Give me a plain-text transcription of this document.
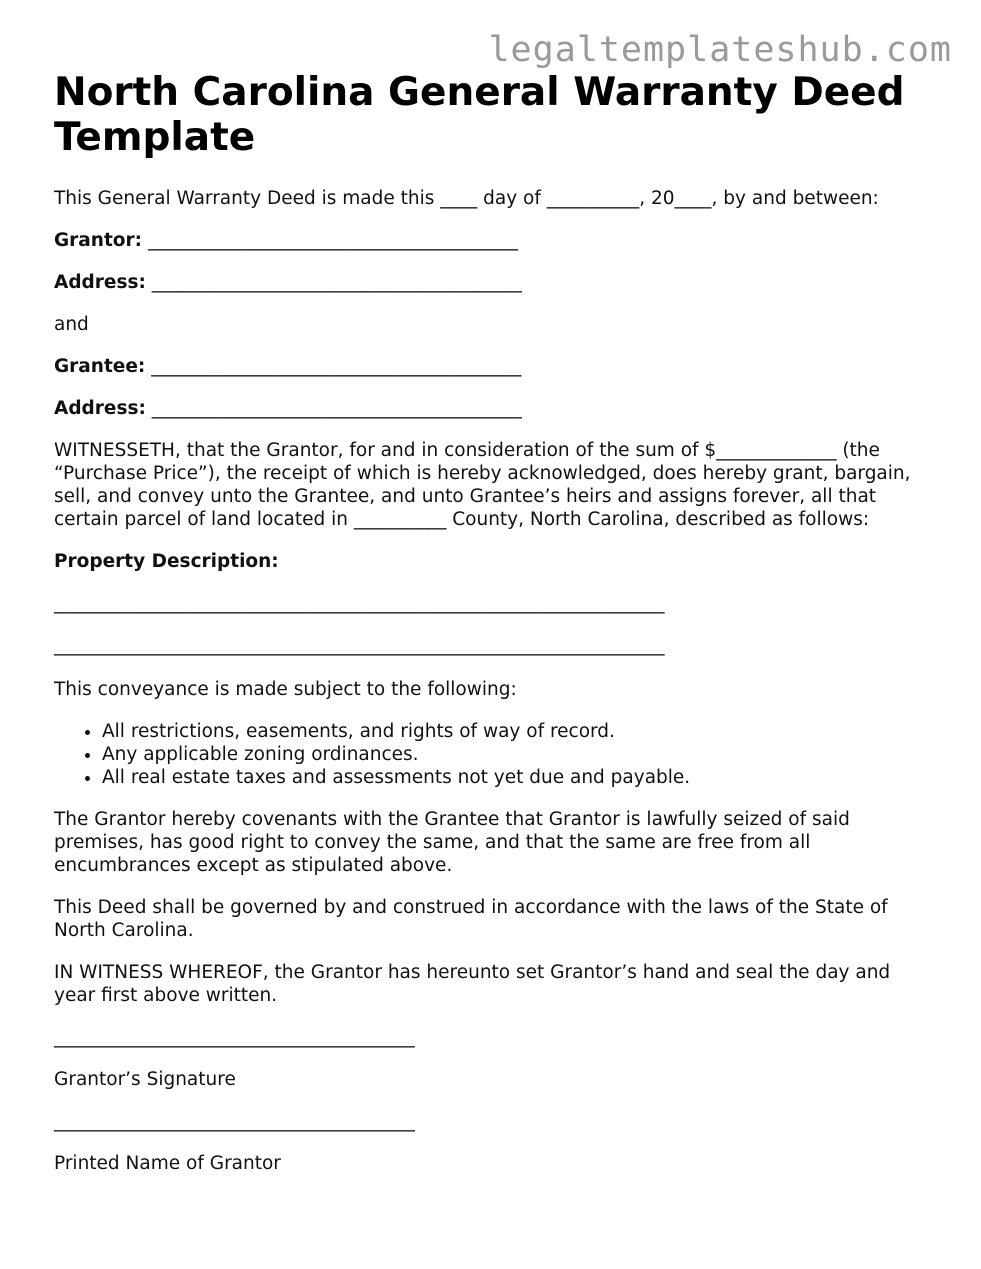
legaltemplateshub.com
North Carolina General Warranty Deed Template

This General Warranty Deed is made this ____ day of __________, 20____, by and between:

Grantor: ________________________________________

Address: ________________________________________

and

Grantee: ________________________________________

Address: ________________________________________

WITNESSETH, that the Grantor, for and in consideration of the sum of $_____________ (the “Purchase Price”), the receipt of which is hereby acknowledged, does hereby grant, bargain, sell, and convey unto the Grantee, and unto Grantee’s heirs and assigns forever, all that certain parcel of land located in __________ County, North Carolina, described as follows:

Property Description:

__________________________________________________________________

__________________________________________________________________

This conveyance is made subject to the following:

• All restrictions, easements, and rights of way of record.
• Any applicable zoning ordinances.
• All real estate taxes and assessments not yet due and payable.

The Grantor hereby covenants with the Grantee that Grantor is lawfully seized of said premises, has good right to convey the same, and that the same are free from all encumbrances except as stipulated above.

This Deed shall be governed by and construed in accordance with the laws of the State of North Carolina.

IN WITNESS WHEREOF, the Grantor has hereunto set Grantor’s hand and seal the day and year first above written.

_______________________________________

Grantor’s Signature

_______________________________________

Printed Name of Grantor
